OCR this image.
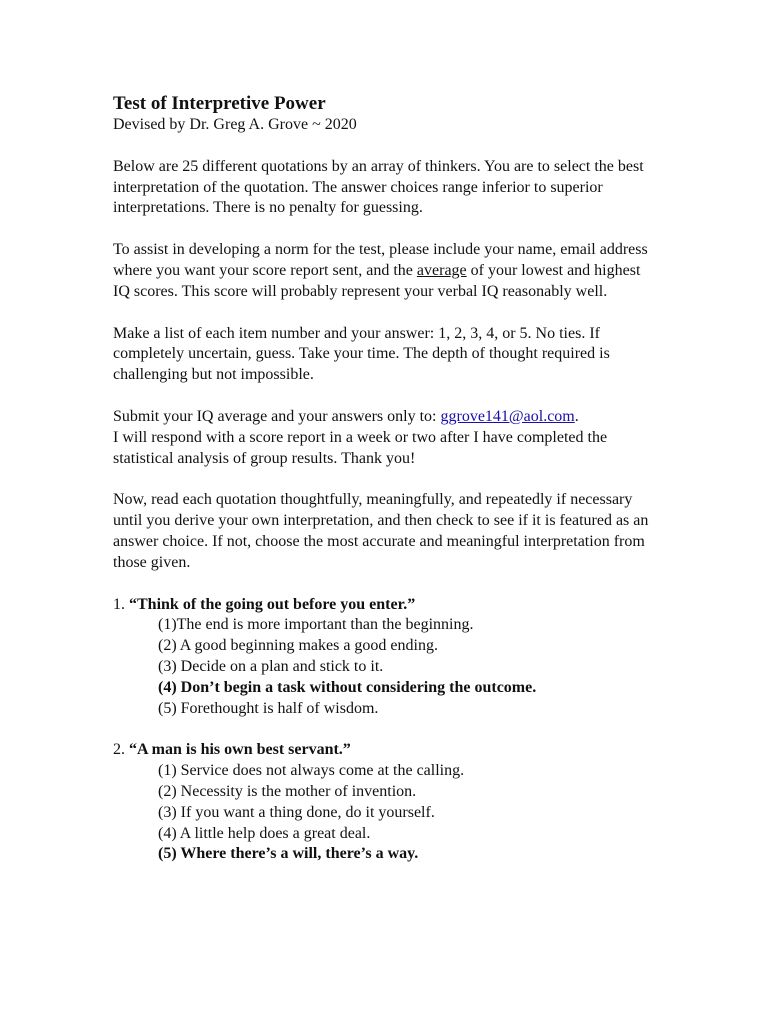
Test of Interpretive Power

Devised by Dr. Greg A. Grove ~ 2020

Below are 25 different quotations by an array of thinkers. You are to select the best interpretation of the quotation. The answer choices range inferior to superior interpretations. There is no penalty for guessing.

To assist in developing a norm for the test, please include your name, email address where you want your score report sent, and the average of your lowest and highest IQ scores. This score will probably represent your verbal IQ reasonably well.

Make a list of each item number and your answer: 1, 2, 3, 4, or 5. No ties. If completely uncertain, guess. Take your time. The depth of thought required is challenging but not impossible.

Submit your IQ average and your answers only to: ggrove141@aol.com.
I will respond with a score report in a week or two after I have completed the statistical analysis of group results. Thank you!

Now, read each quotation thoughtfully, meaningfully, and repeatedly if necessary until you derive your own interpretation, and then check to see if it is featured as an answer choice. If not, choose the most accurate and meaningful interpretation from those given.

1. “Think of the going out before you enter.”

(1)The end is more important than the beginning.

(2) A good beginning makes a good ending.

(3) Decide on a plan and stick to it.

(4) Don’t begin a task without considering the outcome.

(5) Forethought is half of wisdom.

2. “A man is his own best servant.”

(1) Service does not always come at the calling.

(2) Necessity is the mother of invention.

(3) If you want a thing done, do it yourself.

(4) A little help does a great deal.

(5) Where there’s a will, there’s a way.
